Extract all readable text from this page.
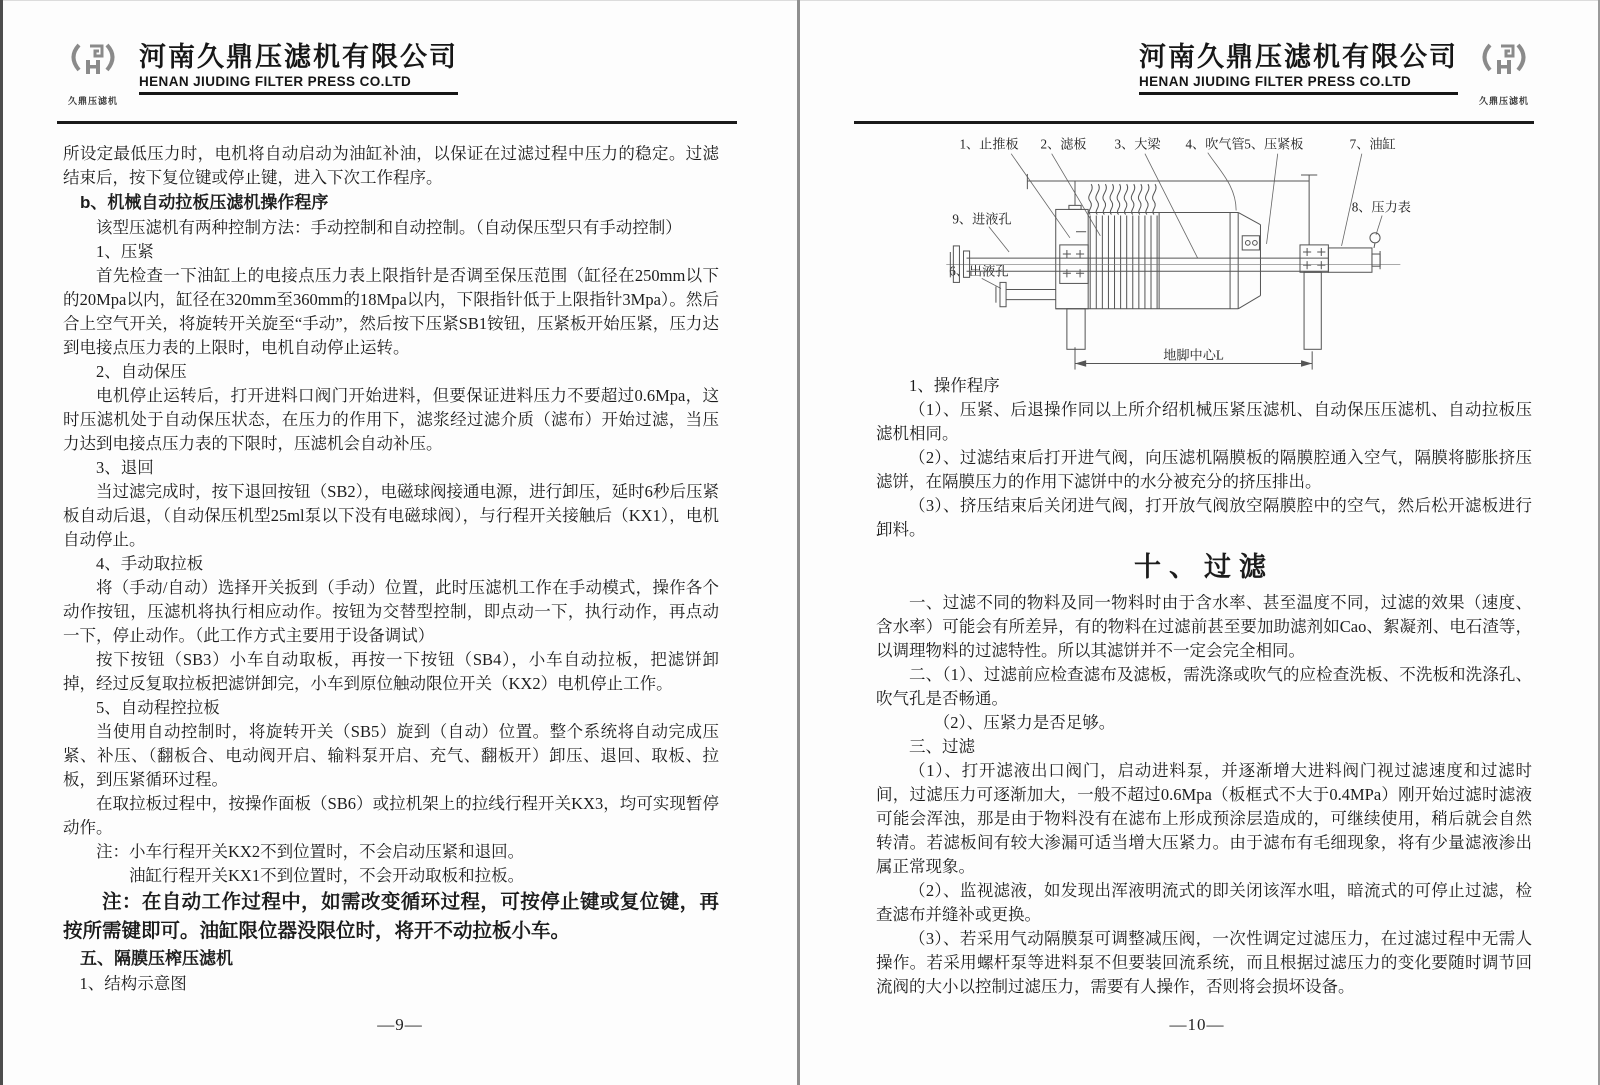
久鼎压滤机
河南久鼎压滤机有限公司
HENAN JIUDING FILTER PRESS CO.LTD

所设定最低压力时，电机将自动启动为油缸补油，以保证在过滤过程中压力的稳定。过滤结束后，按下复位键或停止键，进入下次工作程序。

b、机械自动拉板压滤机操作程序

该型压滤机有两种控制方法：手动控制和自动控制。（自动保压型只有手动控制）

1、压紧

首先检查一下油缸上的电接点压力表上限指针是否调至保压范围（缸径在250mm以下的20Mpa以内，缸径在320mm至360mm的18Mpa以内，下限指针低于上限指针3Mpa）。然后合上空气开关，将旋转开关旋至“手动”，然后按下压紧SB1铵钮，压紧板开始压紧，压力达到电接点压力表的上限时，电机自动停止运转。

2、自动保压

电机停止运转后，打开进料口阀门开始进料，但要保证进料压力不要超过0.6Mpa，这时压滤机处于自动保压状态，在压力的作用下，滤浆经过滤介质（滤布）开始过滤，当压力达到电接点压力表的下限时，压滤机会自动补压。

3、退回

当过滤完成时，按下退回按钮（SB2），电磁球阀接通电源，进行卸压，延时6秒后压紧板自动后退，（自动保压机型25ml泵以下没有电磁球阀），与行程开关接触后（KX1），电机自动停止。

4、手动取拉板

将（手动/自动）选择开关扳到（手动）位置，此时压滤机工作在手动模式，操作各个动作按钮，压滤机将执行相应动作。按钮为交替型控制，即点动一下，执行动作，再点动一下，停止动作。（此工作方式主要用于设备调试）

按下按钮（SB3）小车自动取板，再按一下按钮（SB4），小车自动拉板，把滤饼卸掉，经过反复取拉板把滤饼卸完，小车到原位触动限位开关（KX2）电机停止工作。

5、自动程控拉板

当使用自动控制时，将旋转开关（SB5）旋到（自动）位置。整个系统将自动完成压紧、补压、（翻板合、电动阀开启、输料泵开启、充气、翻板开）卸压、退回、取板、拉板，到压紧循环过程。

在取拉板过程中，按操作面板（SB6）或拉机架上的拉线行程开关KX3，均可实现暂停动作。

注：小车行程开关KX2不到位置时，不会启动压紧和退回。

油缸行程开关KX1不到位置时，不会开动取板和拉板。

注：在自动工作过程中，如需改变循环过程，可按停止键或复位键，再按所需键即可。油缸限位器没限位时，将开不动拉板小车。

五、隔膜压榨压滤机

1、结构示意图

—9—
河南久鼎压滤机有限公司
HENAN JIUDING FILTER PRESS CO.LTD
久鼎压滤机
1、止推板 2、滤板 3、大梁 4、吹气管 5、压紧板	7、油缸
8、压力表
9、进液孔
6、出液孔
地脚中心L

1、操作程序

（1）、压紧、后退操作同以上所介绍机械压紧压滤机、自动保压压滤机、自动拉板压滤机相同。

（2）、过滤结束后打开进气阀，向压滤机隔膜板的隔膜腔通入空气，隔膜将膨胀挤压滤饼，在隔膜压力的作用下滤饼中的水分被充分的挤压排出。

（3）、挤压结束后关闭进气阀，打开放气阀放空隔膜腔中的空气，然后松开滤板进行卸料。

十、过滤

一、过滤不同的物料及同一物料时由于含水率、甚至温度不同，过滤的效果（速度、含水率）可能会有所差异，有的物料在过滤前甚至要加助滤剂如Cao、絮凝剂、电石渣等，以调理物料的过滤特性。所以其滤饼并不一定会完全相同。

二、（1）、过滤前应检查滤布及滤板，需洗涤或吹气的应检查洗板、不洗板和洗涤孔、吹气孔是否畅通。

（2）、压紧力是否足够。

三、过滤

（1）、打开滤液出口阀门，启动进料泵，并逐渐增大进料阀门视过滤速度和过滤时间，过滤压力可逐渐加大，一般不超过0.6Mpa（板框式不大于0.4MPa）刚开始过滤时滤液可能会浑浊，那是由于物料没有在滤布上形成预涂层造成的，可继续使用，稍后就会自然转清。若滤板间有较大渗漏可适当增大压紧力。由于滤布有毛细现象，将有少量滤液渗出属正常现象。

（2）、监视滤液，如发现出浑液明流式的即关闭该浑水咀，暗流式的可停止过滤，检查滤布并缝补或更换。

（3）、若采用气动隔膜泵可调整减压阀，一次性调定过滤压力，在过滤过程中无需人操作。若采用螺杆泵等进料泵不但要装回流系统，而且根据过滤压力的变化要随时调节回流阀的大小以控制过滤压力，需要有人操作，否则将会损坏设备。

—10—
